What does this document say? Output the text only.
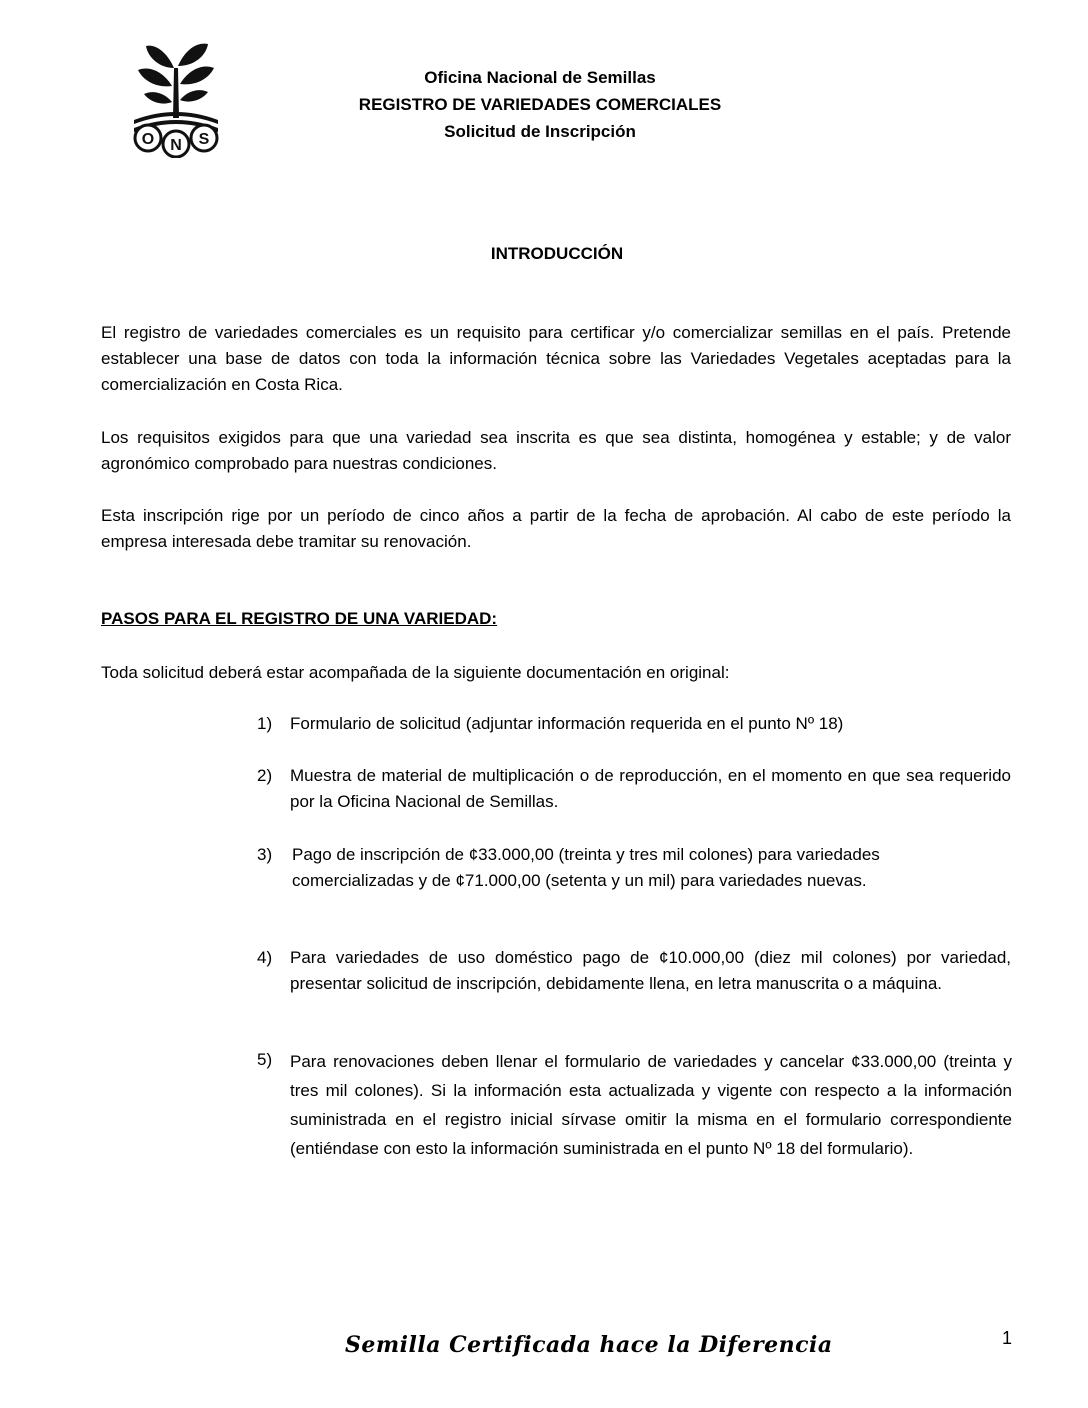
O N S
Oficina Nacional de Semillas
REGISTRO DE VARIEDADES COMERCIALES
Solicitud de Inscripción
INTRODUCCIÓN
El registro de variedades comerciales es un requisito para certificar y/o comercializar semillas en el país. Pretende establecer una base de datos con toda la información técnica sobre las Variedades Vegetales aceptadas para la comercialización en Costa Rica.
Los requisitos exigidos para que una variedad sea inscrita es que sea distinta, homogénea y estable; y de valor agronómico comprobado para nuestras condiciones.
Esta inscripción rige por un período de cinco años a partir de la fecha de aprobación. Al cabo de este período la empresa interesada debe tramitar su renovación.
PASOS PARA EL REGISTRO DE UNA VARIEDAD:
Toda solicitud deberá estar acompañada de la siguiente documentación en original:
1)	Formulario de solicitud (adjuntar información requerida en el punto Nº 18)
2)	Muestra de material de multiplicación o de reproducción, en el momento en que sea requerido por la Oficina Nacional de Semillas.
3)	Pago de inscripción de ¢33.000,00 (treinta y tres mil colones) para variedades comercializadas y de ¢71.000,00 (setenta y un mil) para variedades nuevas.
4)	Para variedades de uso doméstico pago de ¢10.000,00 (diez mil colones) por variedad, presentar solicitud de inscripción, debidamente llena, en letra manuscrita o a máquina.
5)	Para renovaciones deben llenar el formulario de variedades y cancelar ¢33.000,00 (treinta y tres mil colones). Si la información esta actualizada y vigente con respecto a la información suministrada en el registro inicial sírvase omitir la misma en el formulario correspondiente (entiéndase con esto la información suministrada en el punto Nº 18 del formulario).
Semilla Certificada hace la Diferencia	1
